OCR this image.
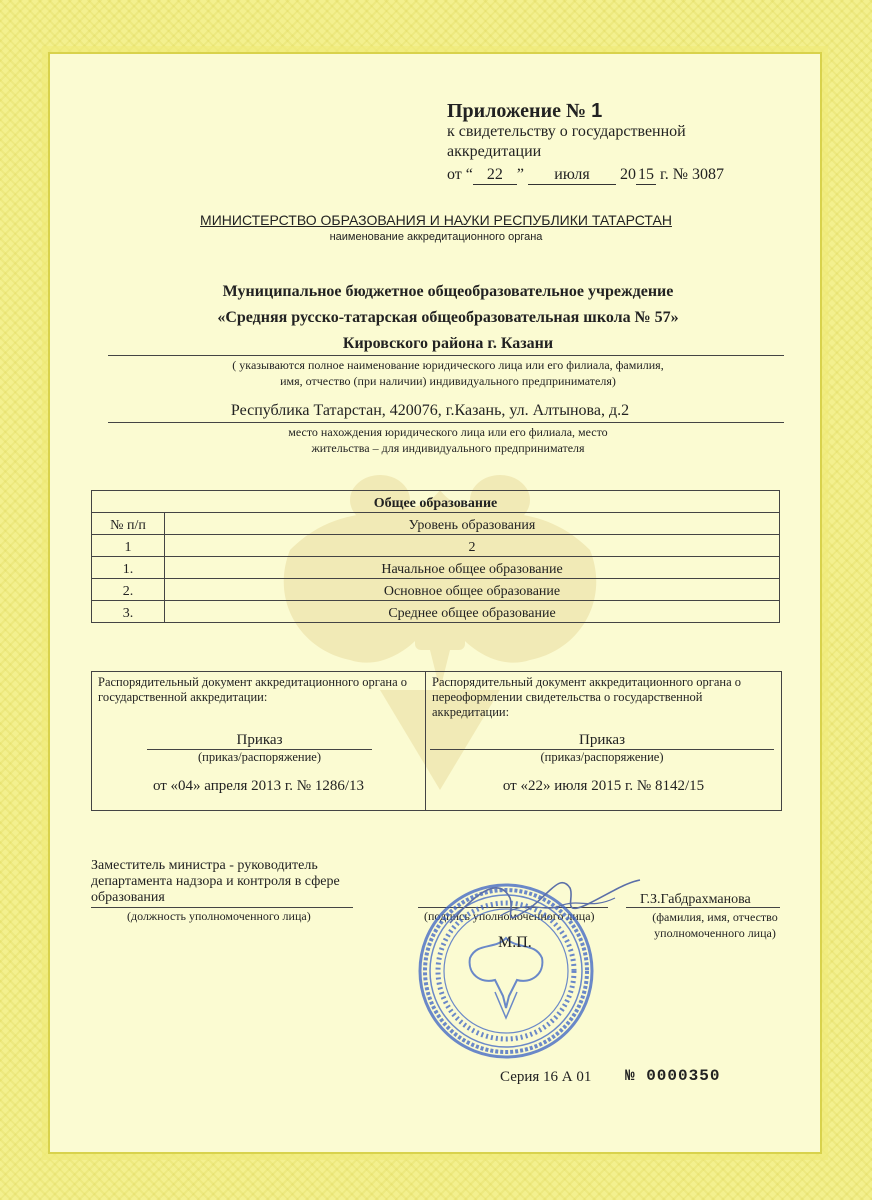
Приложение № 1
к свидетельству о государственной аккредитации
от “ 22 ” июля 20 15 г. № 3087
МИНИСТЕРСТВО ОБРАЗОВАНИЯ И НАУКИ РЕСПУБЛИКИ ТАТАРСТАН
наименование аккредитационного органа
Муниципальное бюджетное общеобразовательное учреждение
«Средняя русско-татарская общеобразовательная школа № 57»
Кировского района г. Казани
( указываются полное наименование юридического лица или его филиала, фамилия, имя, отчество (при наличии) индивидуального предпринимателя)
Республика Татарстан, 420076, г.Казань, ул. Алтынова, д.2
место нахождения юридического лица или его филиала, место жительства – для индивидуального предпринимателя
Общее образование	
№ п/п	Уровень образования
1	2
1.	Начальное общее образование
2.	Основное общее образование
3.	Среднее общее образование
Распорядительный документ аккредитационного органа о государственной аккредитации:
Приказ
(приказ/распоряжение)
от «04» апреля 2013 г. № 1286/13
Распорядительный документ аккредитационного органа о переоформлении свидетельства о государственной аккредитации:
Приказ
(приказ/распоряжение)
от «22» июля 2015 г. № 8142/15
Заместитель министра - руководитель департамента надзора и контроля в сфере образования
(должность уполномоченного лица)	(подпись уполномоченного лица)
Г.З.Габдрахманова
(фамилия, имя, отчество уполномоченного лица)
М.П.
Серия 16 А 01 № 0000350
